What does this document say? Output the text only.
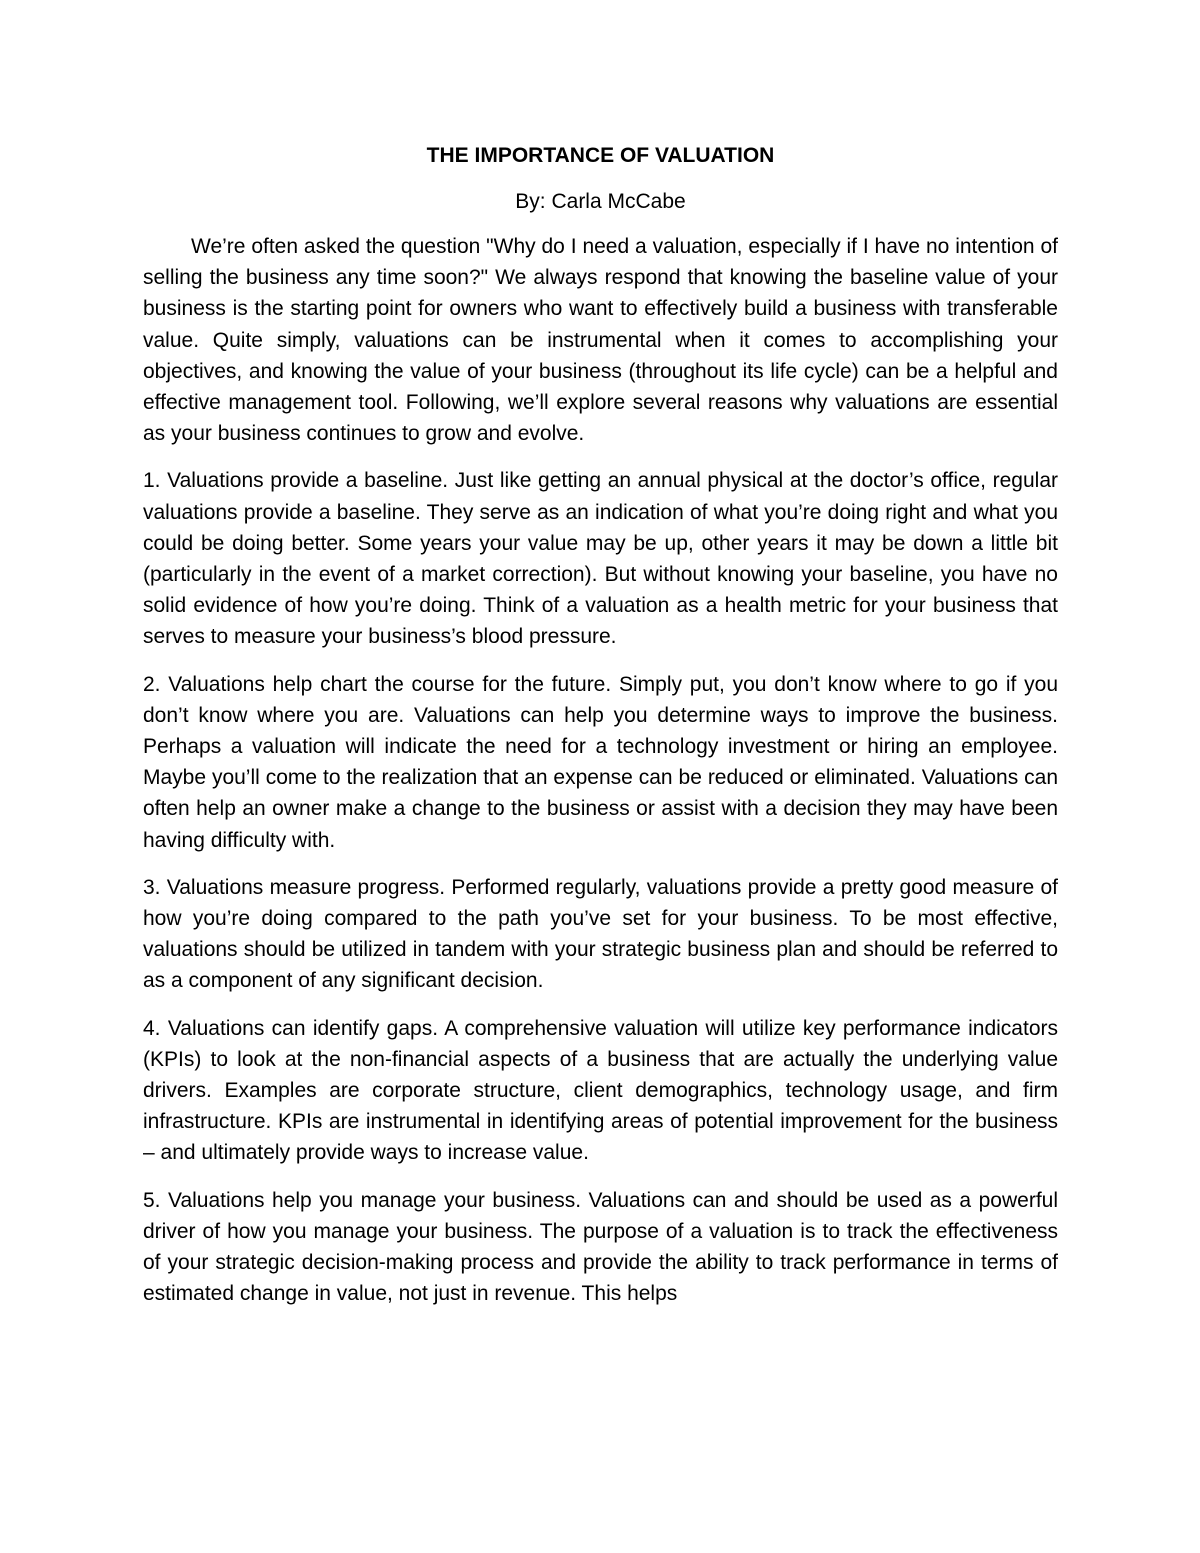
THE IMPORTANCE OF VALUATION
By: Carla McCabe

We’re often asked the question "Why do I need a valuation, especially if I have no intention of selling the business any time soon?" We always respond that knowing the baseline value of your business is the starting point for owners who want to effectively build a business with transferable value. Quite simply, valuations can be instrumental when it comes to accomplishing your objectives, and knowing the value of your business (throughout its life cycle) can be a helpful and effective management tool. Following, we’ll explore several reasons why valuations are essential as your business continues to grow and evolve.

1. Valuations provide a baseline. Just like getting an annual physical at the doctor’s office, regular valuations provide a baseline. They serve as an indication of what you’re doing right and what you could be doing better. Some years your value may be up, other years it may be down a little bit (particularly in the event of a market correction). But without knowing your baseline, you have no solid evidence of how you’re doing. Think of a valuation as a health metric for your business that serves to measure your business’s blood pressure.

2. Valuations help chart the course for the future. Simply put, you don’t know where to go if you don’t know where you are. Valuations can help you determine ways to improve the business. Perhaps a valuation will indicate the need for a technology investment or hiring an employee. Maybe you’ll come to the realization that an expense can be reduced or eliminated. Valuations can often help an owner make a change to the business or assist with a decision they may have been having difficulty with.

3. Valuations measure progress. Performed regularly, valuations provide a pretty good measure of how you’re doing compared to the path you’ve set for your business. To be most effective, valuations should be utilized in tandem with your strategic business plan and should be referred to as a component of any significant decision.

4. Valuations can identify gaps. A comprehensive valuation will utilize key performance indicators (KPIs) to look at the non-financial aspects of a business that are actually the underlying value drivers. Examples are corporate structure, client demographics, technology usage, and firm infrastructure. KPIs are instrumental in identifying areas of potential improvement for the business – and ultimately provide ways to increase value.

5. Valuations help you manage your business. Valuations can and should be used as a powerful driver of how you manage your business. The purpose of a valuation is to track the effectiveness of your strategic decision-making process and provide the ability to track performance in terms of estimated change in value, not just in revenue. This helps
